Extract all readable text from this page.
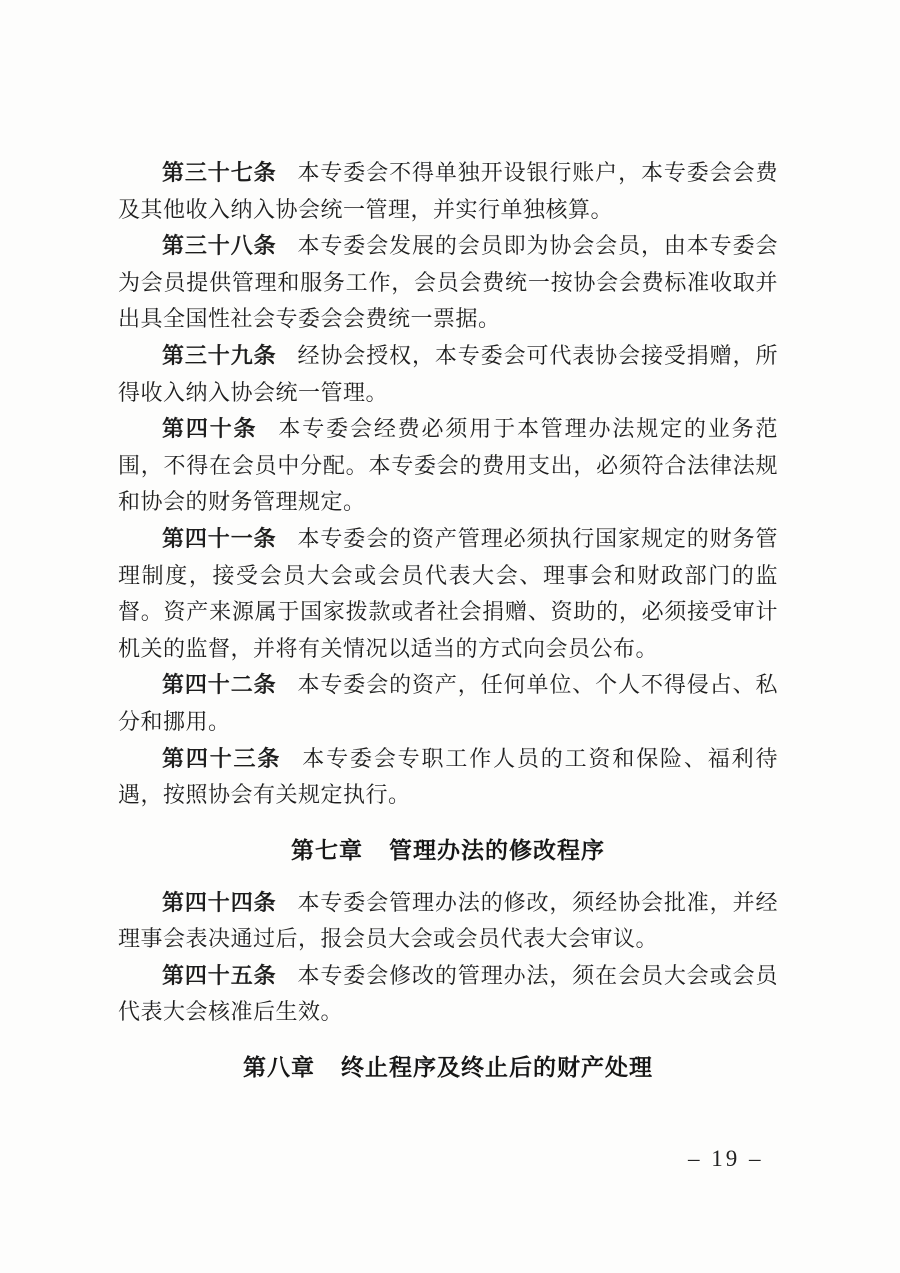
第三十七条 本专委会不得单独开设银行账户，本专委会会费及其他收入纳入协会统一管理，并实行单独核算。

第三十八条 本专委会发展的会员即为协会会员，由本专委会为会员提供管理和服务工作，会员会费统一按协会会费标准收取并出具全国性社会专委会会费统一票据。

第三十九条 经协会授权，本专委会可代表协会接受捐赠，所得收入纳入协会统一管理。

第四十条 本专委会经费必须用于本管理办法规定的业务范围，不得在会员中分配。本专委会的费用支出，必须符合法律法规和协会的财务管理规定。

第四十一条 本专委会的资产管理必须执行国家规定的财务管理制度，接受会员大会或会员代表大会、理事会和财政部门的监督。资产来源属于国家拨款或者社会捐赠、资助的，必须接受审计机关的监督，并将有关情况以适当的方式向会员公布。

第四十二条 本专委会的资产，任何单位、个人不得侵占、私分和挪用。

第四十三条 本专委会专职工作人员的工资和保险、福利待遇，按照协会有关规定执行。

第七章 管理办法的修改程序

第四十四条 本专委会管理办法的修改，须经协会批准，并经理事会表决通过后，报会员大会或会员代表大会审议。

第四十五条 本专委会修改的管理办法，须在会员大会或会员代表大会核准后生效。

第八章 终止程序及终止后的财产处理
– 19 –
